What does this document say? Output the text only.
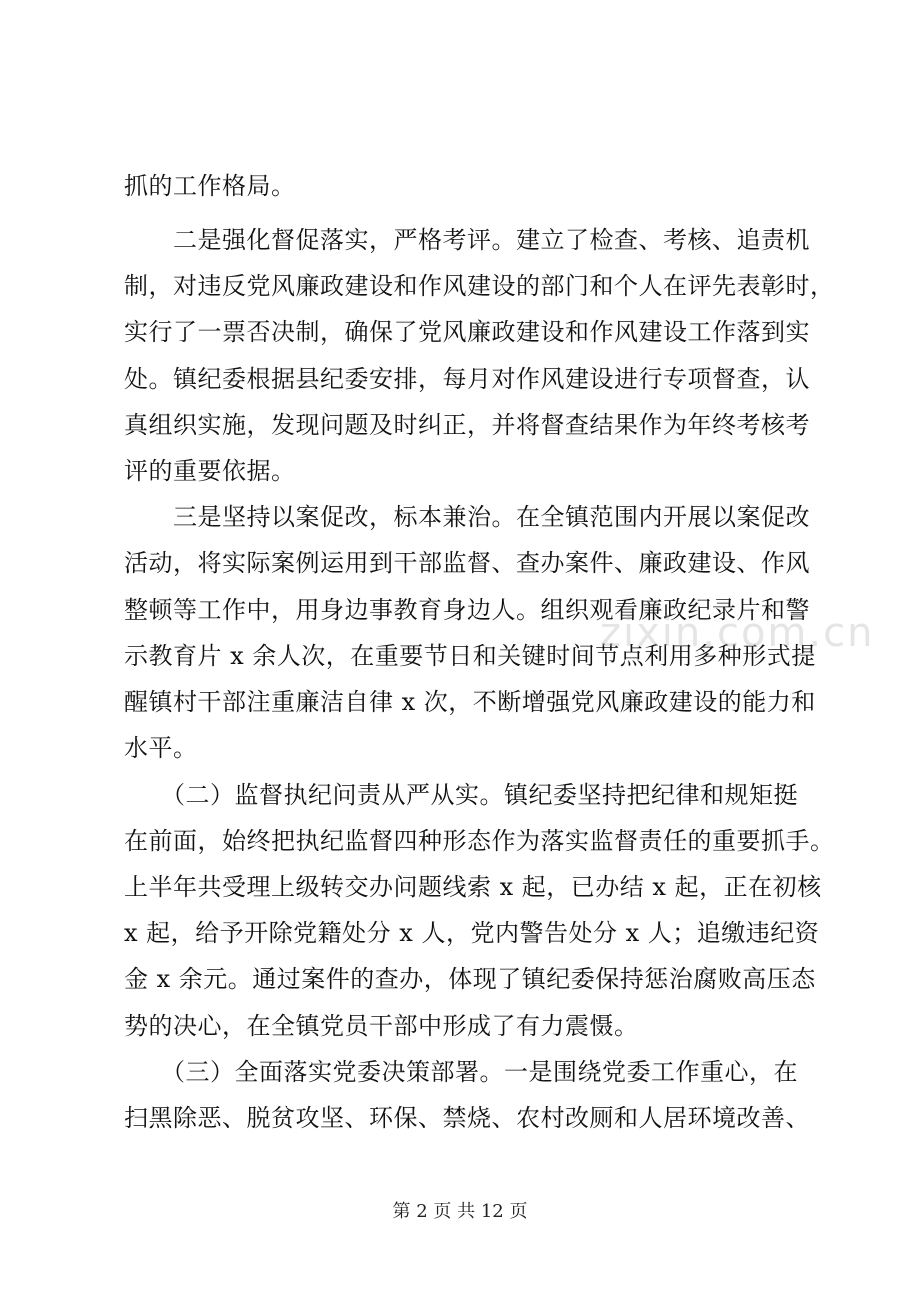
抓的工作格局。
　　二是强化督促落实，严格考评。建立了检查、考核、追责机
制，对违反党风廉政建设和作风建设的部门和个人在评先表彰时，
实行了一票否决制，确保了党风廉政建设和作风建设工作落到实
处。镇纪委根据县纪委安排，每月对作风建设进行专项督查，认
真组织实施，发现问题及时纠正，并将督查结果作为年终考核考
评的重要依据。
　　三是坚持以案促改，标本兼治。在全镇范围内开展以案促改
活动，将实际案例运用到干部监督、查办案件、廉政建设、作风
整顿等工作中，用身边事教育身边人。组织观看廉政纪录片和警
示教育片 x 余人次，在重要节日和关键时间节点利用多种形式提
醒镇村干部注重廉洁自律 x 次，不断增强党风廉政建设的能力和
水平。
　　（二）监督执纪问责从严从实。镇纪委坚持把纪律和规矩挺
在前面，始终把执纪监督四种形态作为落实监督责任的重要抓手。
上半年共受理上级转交办问题线索 x 起，已办结 x 起，正在初核
x 起，给予开除党籍处分 x 人，党内警告处分 x 人；追缴违纪资
金 x 余元。通过案件的查办，体现了镇纪委保持惩治腐败高压态
势的决心，在全镇党员干部中形成了有力震慑。
　　（三）全面落实党委决策部署。一是围绕党委工作重心，在
扫黑除恶、脱贫攻坚、环保、禁烧、农村改厕和人居环境改善、
zixin.com.cn
第 2 页 共 12 页
